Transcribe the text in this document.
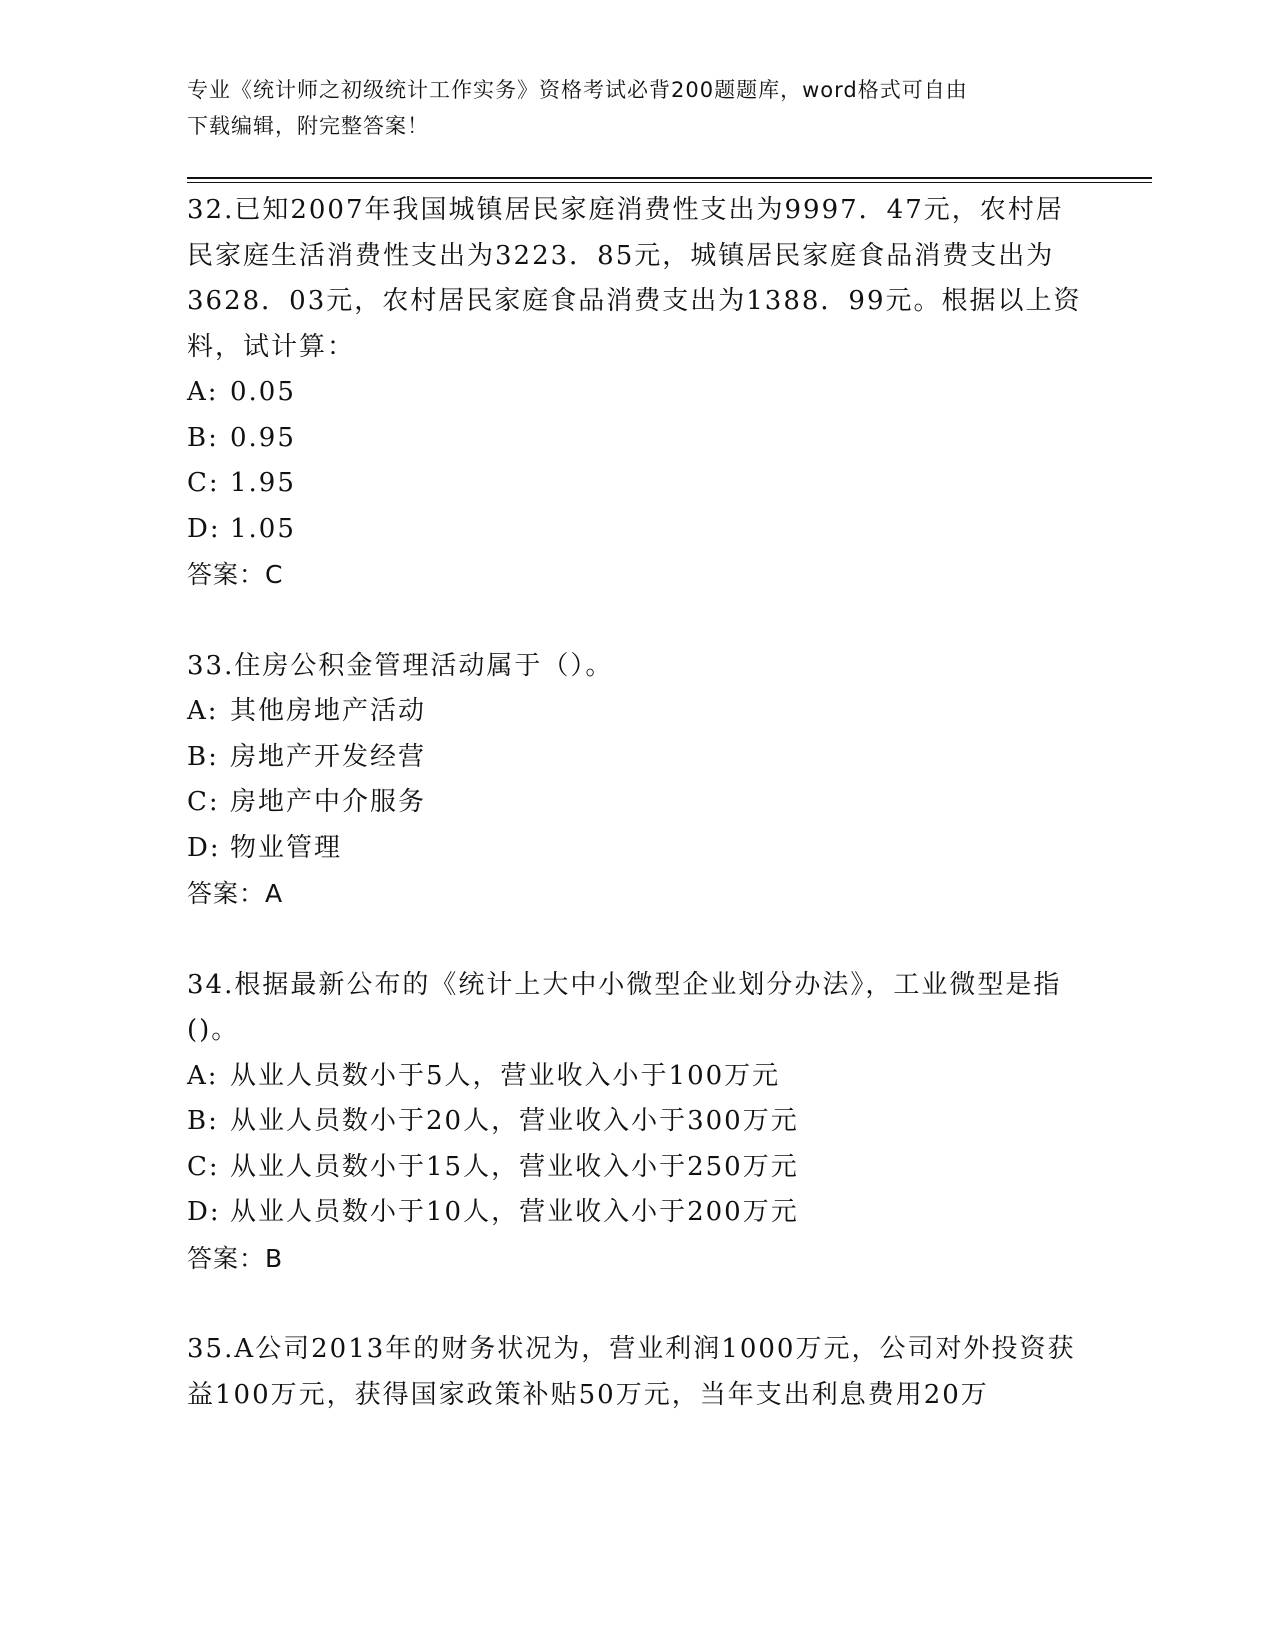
专业《统计师之初级统计工作实务》资格考试必背200题题库，word格式可自由
下载编辑，附完整答案！

32.已知2007年我国城镇居民家庭消费性支出为9997．47元，农村居民家庭生活消费性支出为3223．85元，城镇居民家庭食品消费支出为3628．03元，农村居民家庭食品消费支出为1388．99元。根据以上资料，试计算：

A: 0.05
B: 0.95
C: 1.95
D: 1.05
答案：C

33.住房公积金管理活动属于（）。

A: 其他房地产活动
B: 房地产开发经营
C: 房地产中介服务
D: 物业管理
答案：A

34.根据最新公布的《统计上大中小微型企业划分办法》，工业微型是指()。

A: 从业人员数小于5人，营业收入小于100万元
B: 从业人员数小于20人，营业收入小于300万元
C: 从业人员数小于15人，营业收入小于250万元
D: 从业人员数小于10人，营业收入小于200万元
答案：B

35.A公司2013年的财务状况为，营业利润1000万元，公司对外投资获益100万元，获得国家政策补贴50万元，当年支出利息费用20万
